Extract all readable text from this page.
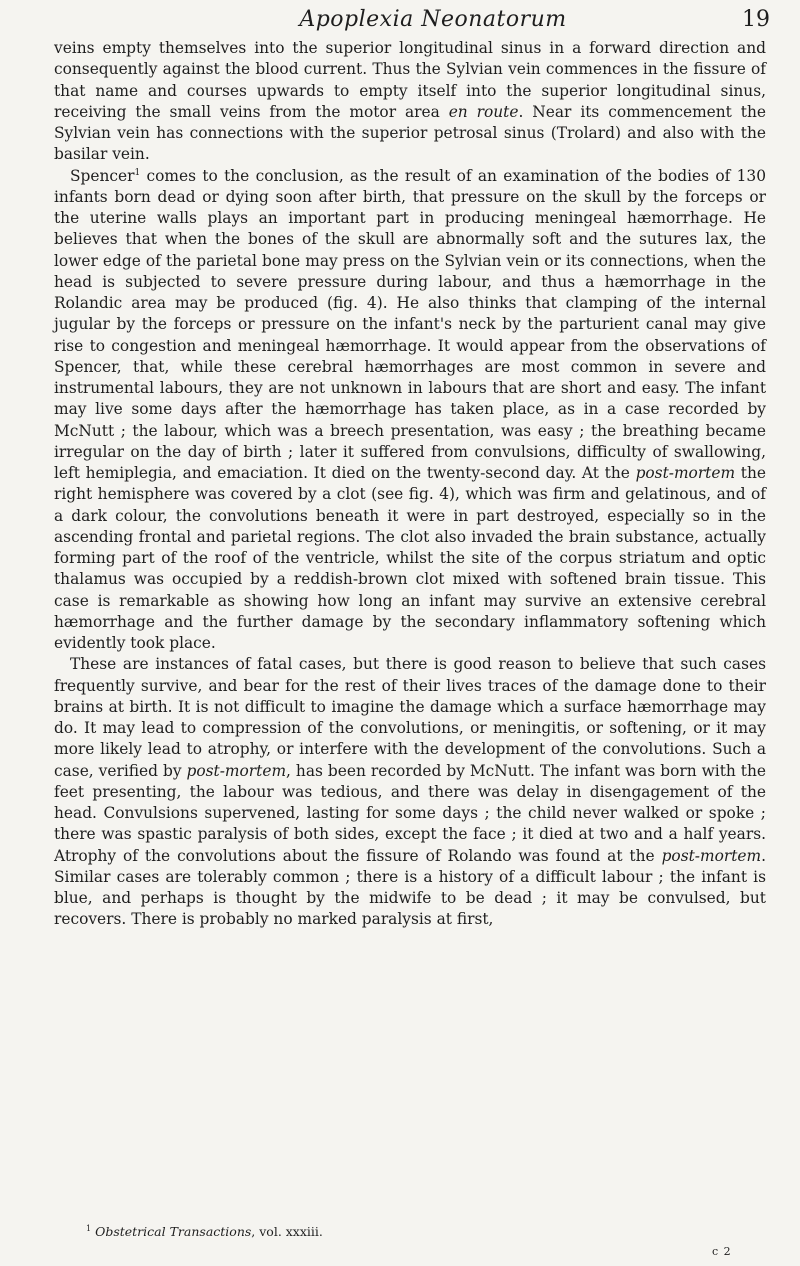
Apoplexia Neonatorum	19

veins empty themselves into the superior longitudinal sinus in a forward direction and consequently against the blood current. Thus the Sylvian vein commences in the fissure of that name and courses upwards to empty itself into the superior longitudinal sinus, receiving the small veins from the motor area en route. Near its commencement the Sylvian vein has connections with the superior petrosal sinus (Trolard) and also with the basilar vein.

Spencer$^1$ comes to the conclusion, as the result of an examination of the bodies of 130 infants born dead or dying soon after birth, that pressure on the skull by the forceps or the uterine walls plays an important part in producing meningeal hæmorrhage. He believes that when the bones of the skull are abnormally soft and the sutures lax, the lower edge of the parietal bone may press on the Sylvian vein or its connections, when the head is subjected to severe pressure during labour, and thus a hæmorrhage in the Rolandic area may be produced (fig. 4). He also thinks that clamping of the internal jugular by the forceps or pressure on the infant's neck by the parturient canal may give rise to congestion and meningeal hæmorrhage. It would appear from the observations of Spencer, that, while these cerebral hæmorrhages are most common in severe and instrumental labours, they are not unknown in labours that are short and easy. The infant may live some days after the hæmorrhage has taken place, as in a case recorded by McNutt ; the labour, which was a breech presentation, was easy ; the breathing became irregular on the day of birth ; later it suffered from convulsions, difficulty of swallowing, left hemiplegia, and emaciation. It died on the twenty-second day. At the post-mortem the right hemisphere was covered by a clot (see fig. 4), which was firm and gelatinous, and of a dark colour, the convolutions beneath it were in part destroyed, especially so in the ascending frontal and parietal regions. The clot also invaded the brain substance, actually forming part of the roof of the ventricle, whilst the site of the corpus striatum and optic thalamus was occupied by a reddish-brown clot mixed with softened brain tissue. This case is remarkable as showing how long an infant may survive an extensive cerebral hæmorrhage and the further damage by the secondary inflammatory softening which evidently took place.

These are instances of fatal cases, but there is good reason to believe that such cases frequently survive, and bear for the rest of their lives traces of the damage done to their brains at birth. It is not difficult to imagine the damage which a surface hæmorrhage may do. It may lead to compression of the convolutions, or meningitis, or softening, or it may more likely lead to atrophy, or interfere with the development of the convolutions. Such a case, verified by post-mortem, has been recorded by McNutt. The infant was born with the feet presenting, the labour was tedious, and there was delay in disengagement of the head. Convulsions supervened, lasting for some days ; the child never walked or spoke ; there was spastic paralysis of both sides, except the face ; it died at two and a half years. Atrophy of the convolutions about the fissure of Rolando was found at the post-mortem. Similar cases are tolerably common ; there is a history of a difficult labour ; the infant is blue, and perhaps is thought by the midwife to be dead ; it may be convulsed, but recovers. There is probably no marked paralysis at first,

$^1$ Obstetrical Transactions, vol. xxxiii.
c 2
